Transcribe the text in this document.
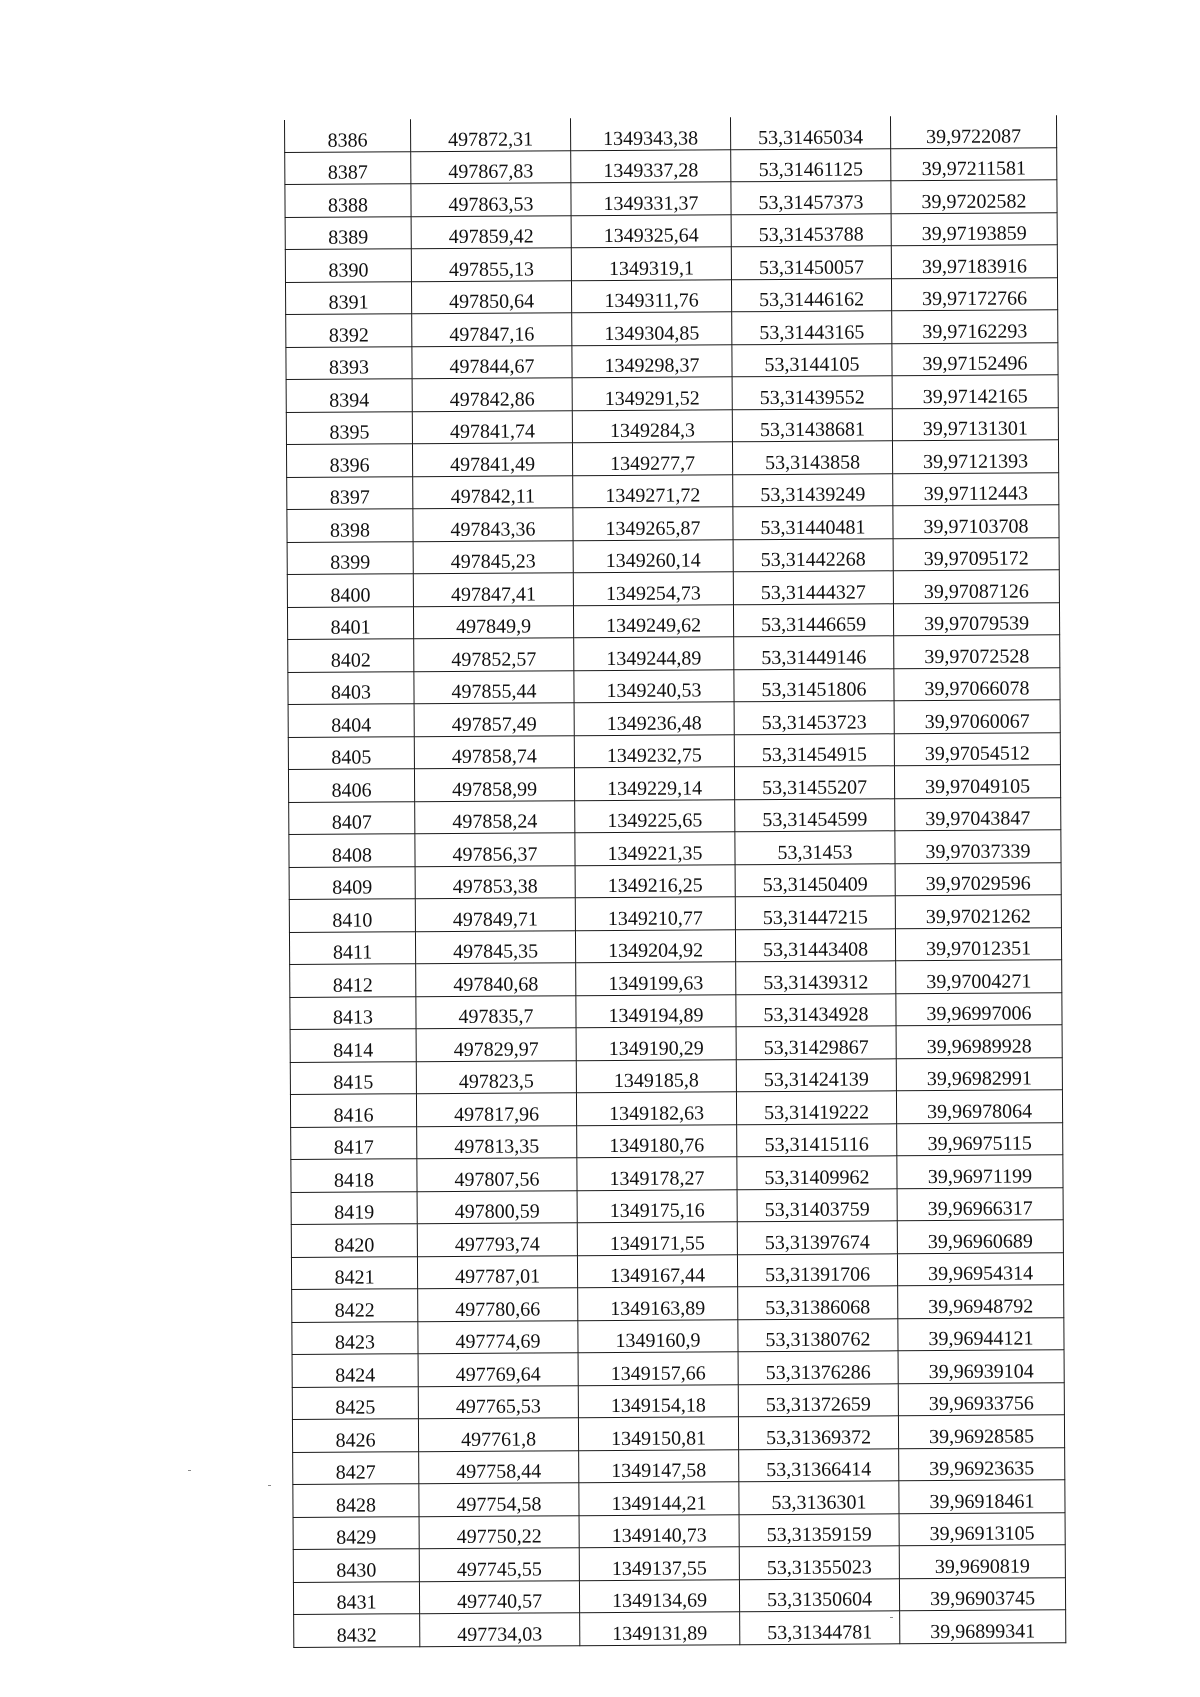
8386	497872,31	1349343,38	53,31465034	39,9722087
8387	497867,83	1349337,28	53,31461125	39,97211581
8388	497863,53	1349331,37	53,31457373	39,97202582
8389	497859,42	1349325,64	53,31453788	39,97193859
8390	497855,13	1349319,1	53,31450057	39,97183916
8391	497850,64	1349311,76	53,31446162	39,97172766
8392	497847,16	1349304,85	53,31443165	39,97162293
8393	497844,67	1349298,37	53,3144105	39,97152496
8394	497842,86	1349291,52	53,31439552	39,97142165
8395	497841,74	1349284,3	53,31438681	39,97131301
8396	497841,49	1349277,7	53,3143858	39,97121393
8397	497842,11	1349271,72	53,31439249	39,97112443
8398	497843,36	1349265,87	53,31440481	39,97103708
8399	497845,23	1349260,14	53,31442268	39,97095172
8400	497847,41	1349254,73	53,31444327	39,97087126
8401	497849,9	1349249,62	53,31446659	39,97079539
8402	497852,57	1349244,89	53,31449146	39,97072528
8403	497855,44	1349240,53	53,31451806	39,97066078
8404	497857,49	1349236,48	53,31453723	39,97060067
8405	497858,74	1349232,75	53,31454915	39,97054512
8406	497858,99	1349229,14	53,31455207	39,97049105
8407	497858,24	1349225,65	53,31454599	39,97043847
8408	497856,37	1349221,35	53,31453	39,97037339
8409	497853,38	1349216,25	53,31450409	39,97029596
8410	497849,71	1349210,77	53,31447215	39,97021262
8411	497845,35	1349204,92	53,31443408	39,97012351
8412	497840,68	1349199,63	53,31439312	39,97004271
8413	497835,7	1349194,89	53,31434928	39,96997006
8414	497829,97	1349190,29	53,31429867	39,96989928
8415	497823,5	1349185,8	53,31424139	39,96982991
8416	497817,96	1349182,63	53,31419222	39,96978064
8417	497813,35	1349180,76	53,31415116	39,96975115
8418	497807,56	1349178,27	53,31409962	39,96971199
8419	497800,59	1349175,16	53,31403759	39,96966317
8420	497793,74	1349171,55	53,31397674	39,96960689
8421	497787,01	1349167,44	53,31391706	39,96954314
8422	497780,66	1349163,89	53,31386068	39,96948792
8423	497774,69	1349160,9	53,31380762	39,96944121
8424	497769,64	1349157,66	53,31376286	39,96939104
8425	497765,53	1349154,18	53,31372659	39,96933756
8426	497761,8	1349150,81	53,31369372	39,96928585
8427	497758,44	1349147,58	53,31366414	39,96923635
8428	497754,58	1349144,21	53,3136301	39,96918461
8429	497750,22	1349140,73	53,31359159	39,96913105
8430	497745,55	1349137,55	53,31355023	39,9690819
8431	497740,57	1349134,69	53,31350604	39,96903745
8432	497734,03	1349131,89	53,31344781	39,96899341
